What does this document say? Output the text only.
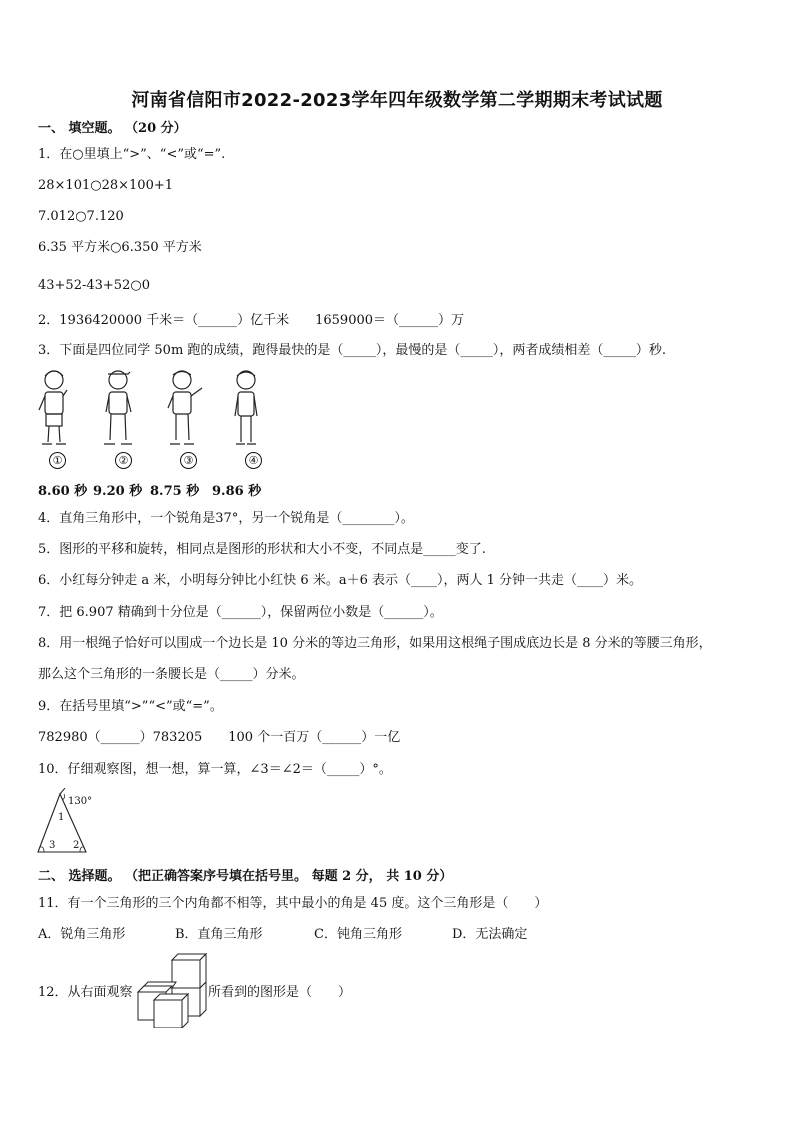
河南省信阳市2022-2023学年四年级数学第二学期期末考试试题
一、 填空题。 （20 分）
1．在○里填上“>”、“<”或“=”.
28×101○28×100+1
7.012○7.120
6.35 平方米○6.350 平方米
43+52-43+52○0
2．1936420000 千米＝（______）亿千米　　1659000＝（______）万
3．下面是四位同学 50m 跑的成绩，跑得最快的是（_____），最慢的是（_____），两者成绩相差（_____）秒.
①	②	③	④
8.60 秒 9.20 秒 8.75 秒 9.86 秒
4．直角三角形中，一个锐角是37°，另一个锐角是（________）。
5．图形的平移和旋转，相同点是图形的形状和大小不变，不同点是_____变了.
6．小红每分钟走 a 米，小明每分钟比小红快 6 米。a＋6 表示（____），两人 1 分钟一共走（____）米。
7．把 6.907 精确到十分位是（______），保留两位小数是（______）。
8．用一根绳子恰好可以围成一个边长是 10 分米的等边三角形，如果用这根绳子围成底边长是 8 分米的等腰三角形，
那么这个三角形的一条腰长是（_____）分米。
9．在括号里填“>”“<”或“=”。
782980（______）783205　　100 个一百万（______）一亿
10．仔细观察图，想一想，算一算，∠3＝∠2＝（_____）°。
130°
1
2
3
二、 选择题。 （把正确答案序号填在括号里。 每题 2 分， 共 10 分）
11．有一个三角形的三个内角都不相等，其中最小的角是 45 度。这个三角形是（　　）
A．锐角三角形	B．直角三角形	C．钝角三角形	D．无法确定
12．从右面观察	所看到的图形是（　　）
